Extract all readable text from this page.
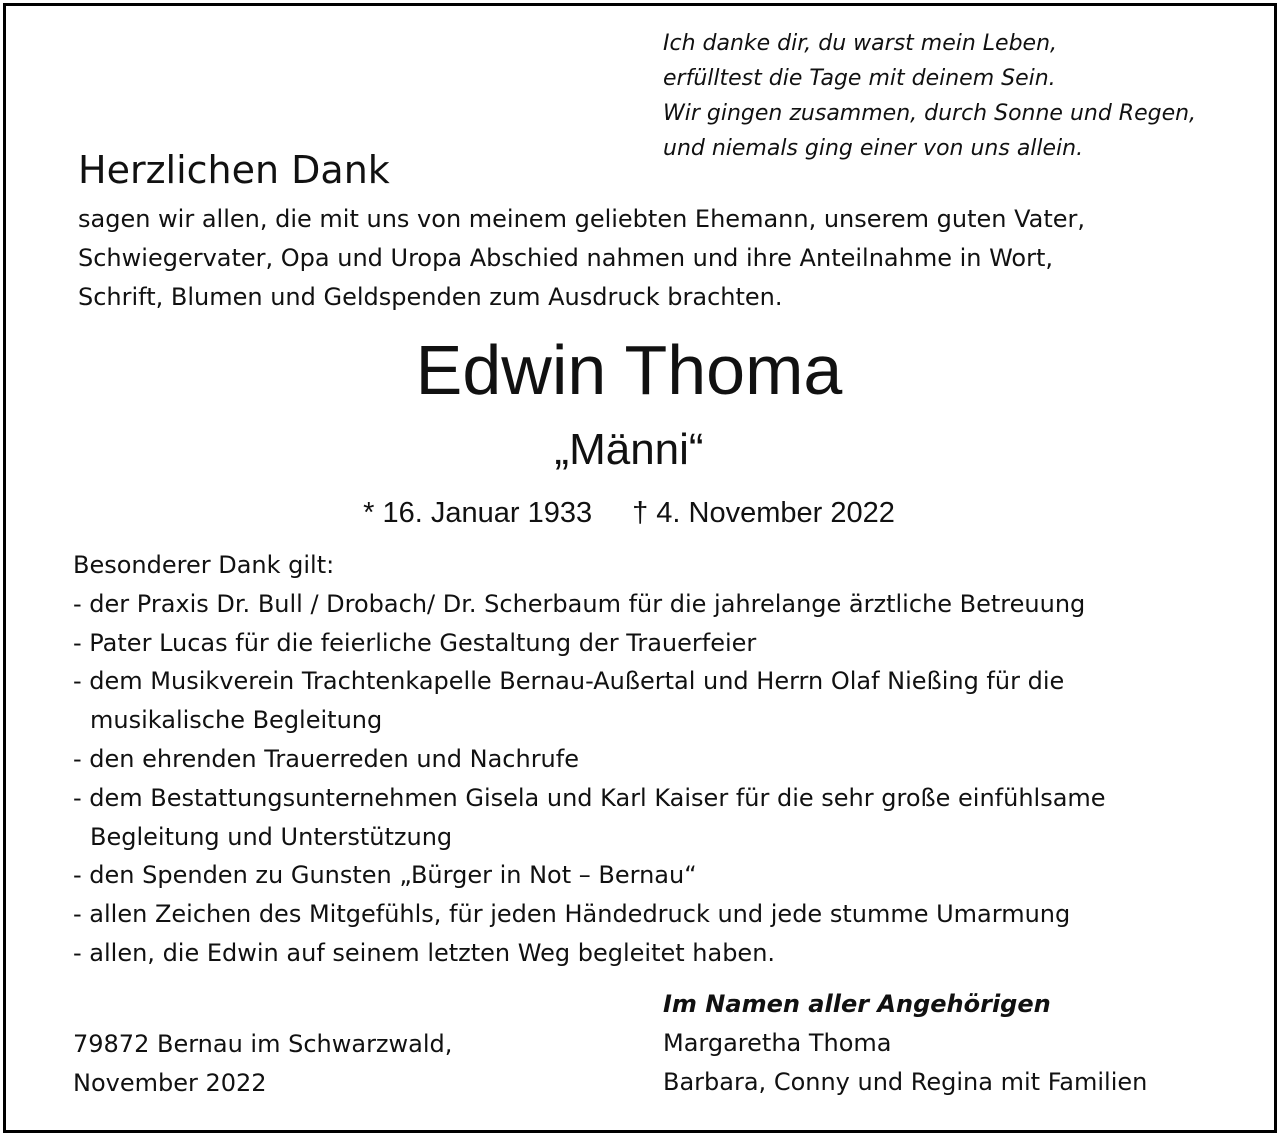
Ich danke dir, du warst mein Leben,
erfülltest die Tage mit deinem Sein.
Wir gingen zusammen, durch Sonne und Regen,
und niemals ging einer von uns allein.
Herzlichen Dank
sagen wir allen, die mit uns von meinem geliebten Ehemann, unserem guten Vater,
Schwiegervater, Opa und Uropa Abschied nahmen und ihre Anteilnahme in Wort,
Schrift, Blumen und Geldspenden zum Ausdruck brachten.
Edwin Thoma
„Männi“
* 16. Januar 1933 † 4. November 2022
Besonderer Dank gilt:
- der Praxis Dr. Bull / Drobach/ Dr. Scherbaum für die jahrelange ärztliche Betreuung
- Pater Lucas für die feierliche Gestaltung der Trauerfeier
- dem Musikverein Trachtenkapelle Bernau-Außertal und Herrn Olaf Nießing für die
musikalische Begleitung
- den ehrenden Trauerreden und Nachrufe
- dem Bestattungsunternehmen Gisela und Karl Kaiser für die sehr große einfühlsame
Begleitung und Unterstützung
- den Spenden zu Gunsten „Bürger in Not – Bernau“
- allen Zeichen des Mitgefühls, für jeden Händedruck und jede stumme Umarmung
- allen, die Edwin auf seinem letzten Weg begleitet haben.
79872 Bernau im Schwarzwald,
November 2022
Im Namen aller Angehörigen
Margaretha Thoma
Barbara, Conny und Regina mit Familien
